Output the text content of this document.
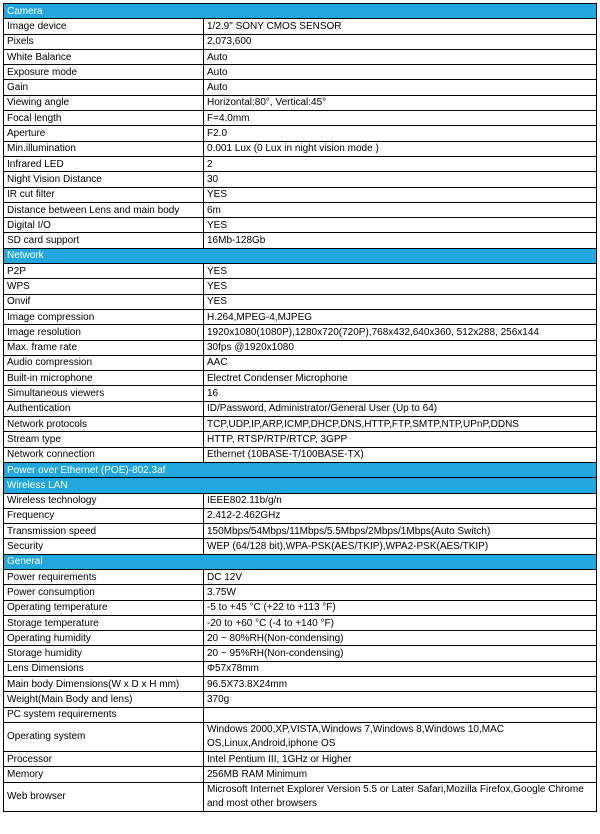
Camera	
Image device	1/2.9" SONY CMOS SENSOR
Pixels	2,073,600
White Balance	Auto
Exposure mode	Auto
Gain	Auto
Viewing angle	Horizontal:80°, Vertical:45°
Focal length	F=4.0mm
Aperture	F2.0
Min.illumination	0.001 Lux (0 Lux in night vision mode )
Infrared LED	2
Night Vision Distance	30
IR cut filter	YES
Distance between Lens and main body	6m
Digital I/O	YES
SD card support	16Mb-128Gb
Network	
P2P	YES
WPS	YES
Onvif	YES
Image compression	H.264,MPEG-4,MJPEG
Image resolution	1920x1080(1080P),1280x720(720P),768x432,640x360, 512x288, 256x144
Max. frame rate	30fps @1920x1080
Audio compression	AAC
Built-in microphone	Electret Condenser Microphone
Simultaneous viewers	16
Authentication	ID/Password, Administrator/General User (Up to 64)
Network protocols	TCP,UDP,IP,ARP,ICMP,DHCP,DNS,HTTP,FTP,SMTP,NTP,UPnP,DDNS
Stream type	HTTP, RTSP/RTP/RTCP, 3GPP
Network connection	Ethernet (10BASE-T/100BASE-TX)
Power over Ethernet (POE)-802.3af	
Wireless LAN	
Wireless technology	IEEE802.11b/g/n
Frequency	2.412-2.462GHz
Transmission speed	150Mbps/54Mbps/11Mbps/5.5Mbps/2Mbps/1Mbps(Auto Switch)
Security	WEP (64/128 bit),WPA-PSK(AES/TKIP),WPA2-PSK(AES/TKIP)
General	
Power requirements	DC 12V
Power consumption	3.75W
Operating temperature	-5 to +45 °C (+22 to +113 °F)
Storage temperature	-20 to +60 °C (-4 to +140 °F)
Operating humidity	20 ~ 80%RH(Non-condensing)
Storage humidity	20 ~ 95%RH(Non-condensing)
Lens Dimensions	Φ57x78mm
Main body Dimensions(W x D x H mm)	96.5X73.8X24mm
Weight(Main Body and lens)	370g
PC system requirements	
Operating system	Windows 2000,XP,VISTA,Windows 7,Windows 8,Windows 10,MAC OS,Linux,Android,iphone OS
Processor	Intel Pentium III, 1GHz or Higher
Memory	256MB RAM Minimum
Web browser	Microsoft Internet Explorer Version 5.5 or Later Safari,Mozilla Firefox,Google Chrome and most other browsers
